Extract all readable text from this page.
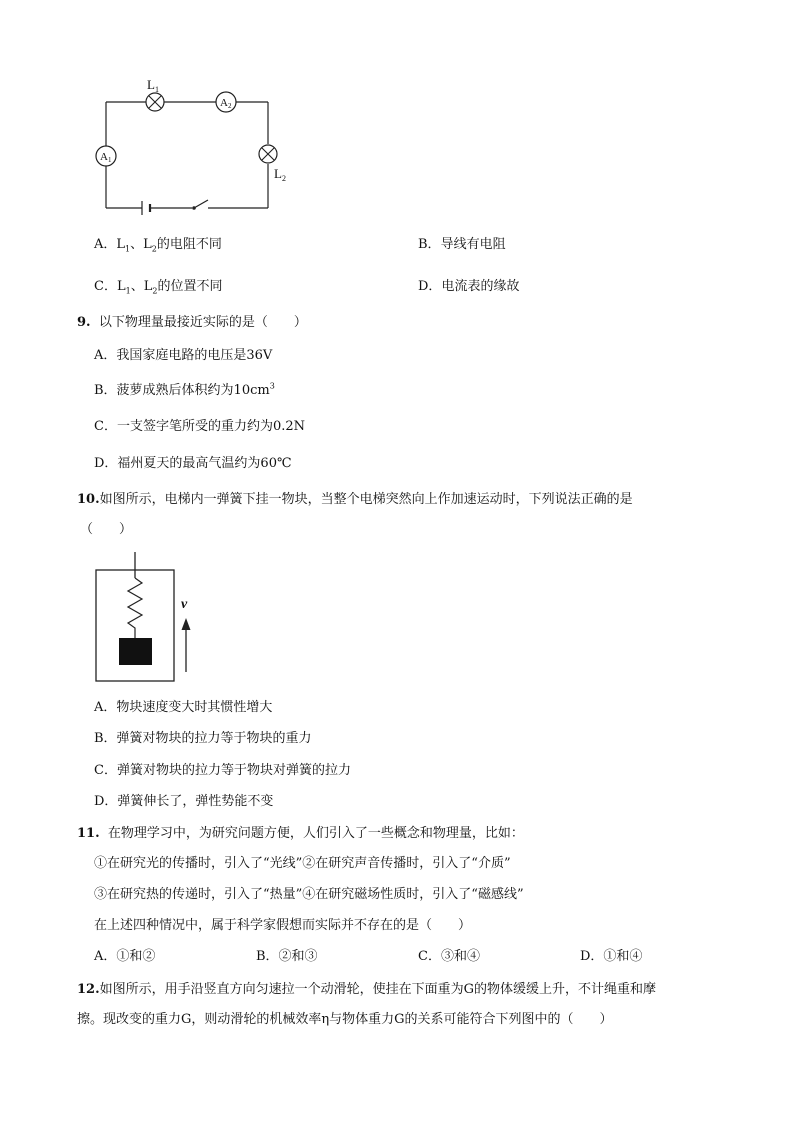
$L_1$
$L_2$
A1
A2
A．$L_1$、$L_2$的电阻不同	B．导线有电阻
C．$L_1$、$L_2$的位置不同	D．电流表的缘故
9. 以下物理量最接近实际的是（　　）
A．我国家庭电路的电压是36V
B．菠萝成熟后体积约为$10cm^3$
C．一支签字笔所受的重力约为0.2N
D．福州夏天的最高气温约为60℃
10.如图所示，电梯内一弹簧下挂一物块，当整个电梯突然向上作加速运动时，下列说法正确的是
（　　）
v
A．物块速度变大时其惯性增大
B．弹簧对物块的拉力等于物块的重力
C．弹簧对物块的拉力等于物块对弹簧的拉力
D．弹簧伸长了，弹性势能不变
11. 在物理学习中，为研究问题方便，人们引入了一些概念和物理量，比如：
①在研究光的传播时，引入了“光线”②在研究声音传播时，引入了“介质”
③在研究热的传递时，引入了“热量”④在研究磁场性质时，引入了“磁感线”
在上述四种情况中，属于科学家假想而实际并不存在的是（　　）
A．①和②	B．②和③	C．③和④	D．①和④
12.如图所示，用手沿竖直方向匀速拉一个动滑轮，使挂在下面重为G的物体缓缓上升，不计绳重和摩
擦。现改变的重力G，则动滑轮的机械效率η与物体重力G的关系可能符合下列图中的（　　）
